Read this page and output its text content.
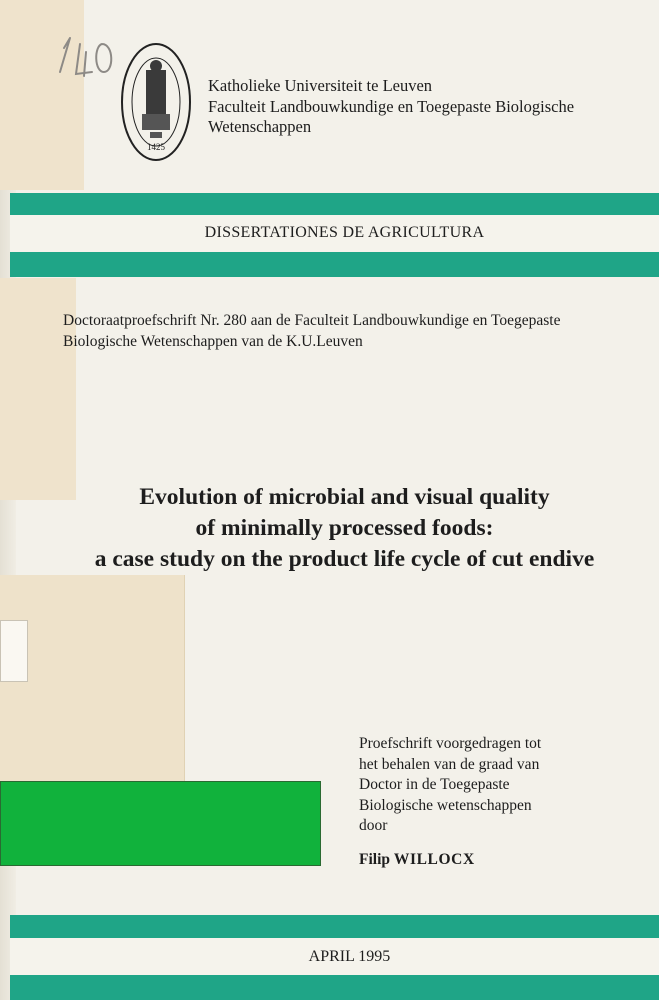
1425
Katholieke Universiteit te Leuven
Faculteit Landbouwkundige en Toegepaste Biologische
Wetenschappen
DISSERTATIONES DE AGRICULTURA
Doctoraatproefschrift Nr. 280 aan de Faculteit Landbouwkundige en Toegepaste
Biologische Wetenschappen van de K.U.Leuven
Evolution of microbial and visual quality
of minimally processed foods:
a case study on the product life cycle of cut endive
Proefschrift voorgedragen tot
het behalen van de graad van
Doctor in de Toegepaste
Biologische wetenschappen
door
Filip WILLOCX
APRIL 1995
